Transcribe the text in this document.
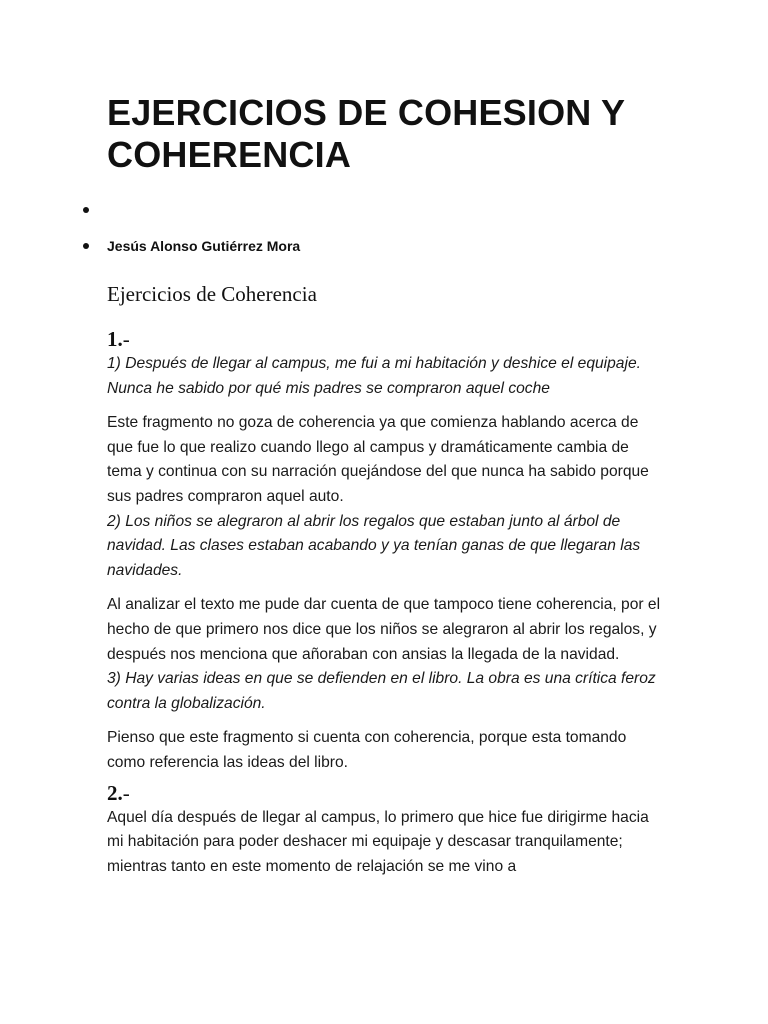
EJERCICIOS DE COHESION Y
COHERENCIA
Jesús Alonso Gutiérrez Mora
Ejercicios de Coherencia

1.-

1) Después de llegar al campus, me fui a mi habitación y deshice el equipaje. Nunca he sabido por qué mis padres se compraron aquel coche

Este fragmento no goza de coherencia ya que comienza hablando acerca de que fue lo que realizo cuando llego al campus y dramáticamente cambia de tema y continua con su narración quejándose del que nunca ha sabido porque sus padres compraron aquel auto.

2) Los niños se alegraron al abrir los regalos que estaban junto al árbol de navidad. Las clases estaban acabando y ya tenían ganas de que llegaran las navidades.

Al analizar el texto me pude dar cuenta de que tampoco tiene coherencia, por el hecho de que primero nos dice que los niños se alegraron al abrir los regalos, y después nos menciona que añoraban con ansias la llegada de la navidad.

3) Hay varias ideas en que se defienden en el libro. La obra es una crítica feroz contra la globalización.

Pienso que este fragmento si cuenta con coherencia, porque esta tomando como referencia las ideas del libro.

2.-

Aquel día después de llegar al campus, lo primero que hice fue dirigirme hacia mi habitación para poder deshacer mi equipaje y descasar tranquilamente; mientras tanto en este momento de relajación se me vino a
